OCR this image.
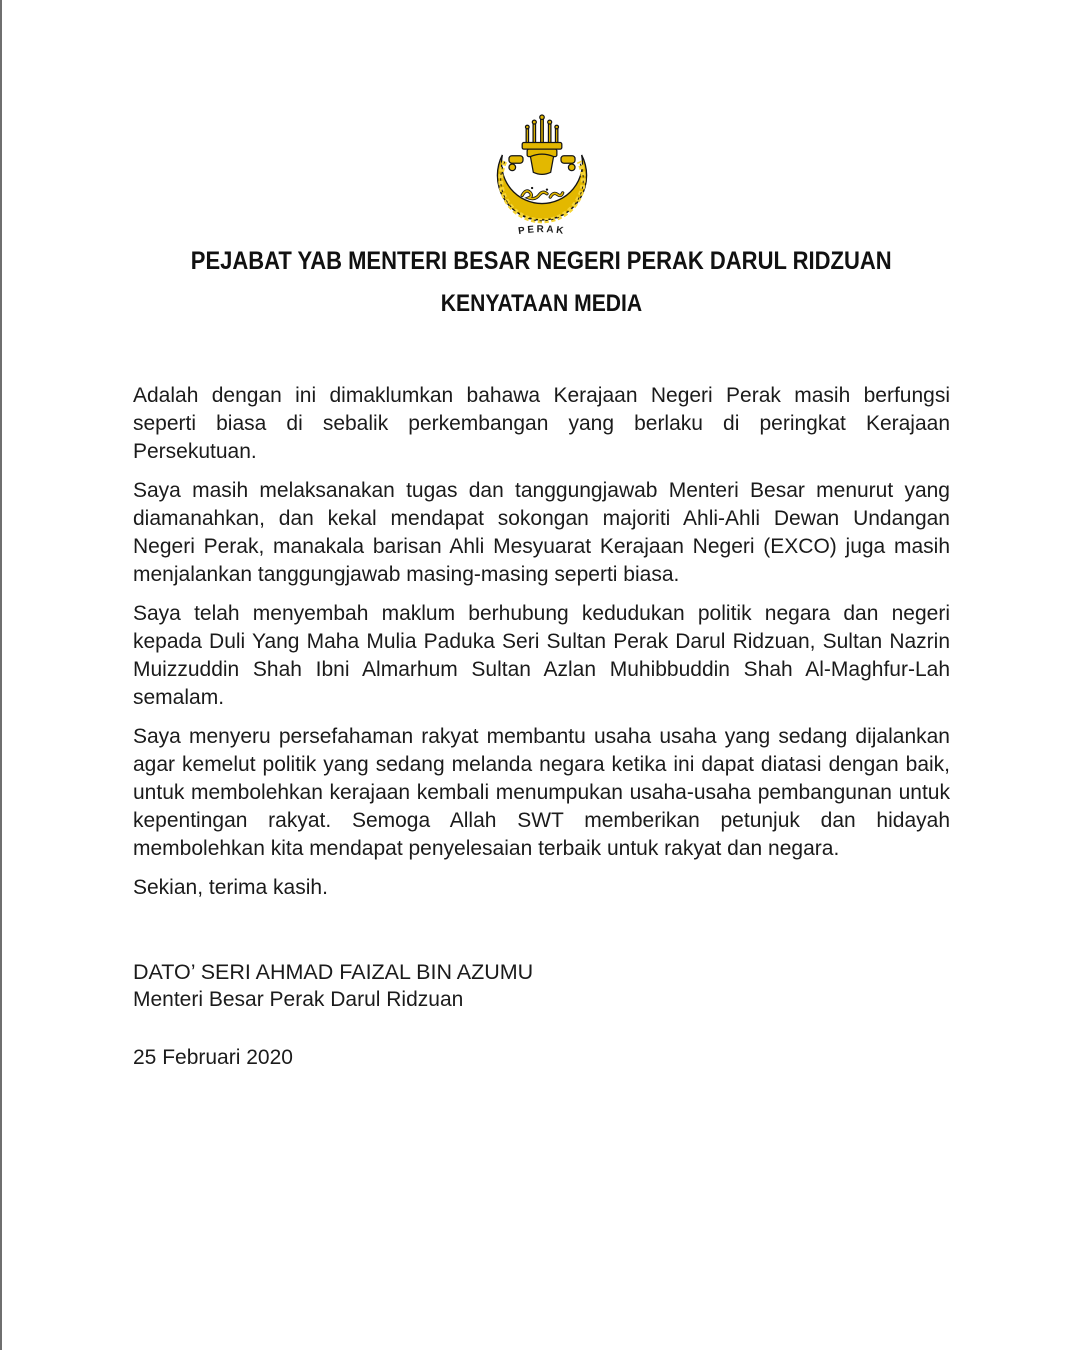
PERAK
PEJABAT YAB MENTERI BESAR NEGERI PERAK DARUL RIDZUAN
KENYATAAN MEDIA

Adalah dengan ini dimaklumkan bahawa Kerajaan Negeri Perak masih berfungsi seperti biasa di sebalik perkembangan yang berlaku di peringkat Kerajaan Persekutuan.

Saya masih melaksanakan tugas dan tanggungjawab Menteri Besar menurut yang diamanahkan, dan kekal mendapat sokongan majoriti Ahli-Ahli Dewan Undangan Negeri Perak, manakala barisan Ahli Mesyuarat Kerajaan Negeri (EXCO) juga masih menjalankan tanggungjawab masing-masing seperti biasa.

Saya telah menyembah maklum berhubung kedudukan politik negara dan negeri kepada Duli Yang Maha Mulia Paduka Seri Sultan Perak Darul Ridzuan, Sultan Nazrin Muizzuddin Shah Ibni Almarhum Sultan Azlan Muhibbuddin Shah Al-Maghfur-Lah semalam.

Saya menyeru persefahaman rakyat membantu usaha usaha yang sedang dijalankan agar kemelut politik yang sedang melanda negara ketika ini dapat diatasi dengan baik, untuk membolehkan kerajaan kembali menumpukan usaha-usaha pembangunan untuk kepentingan rakyat. Semoga Allah SWT memberikan petunjuk dan hidayah membolehkan kita mendapat penyelesaian terbaik untuk rakyat dan negara.

Sekian, terima kasih.

DATO’ SERI AHMAD FAIZAL BIN AZUMU
Menteri Besar Perak Darul Ridzuan
25 Februari 2020
